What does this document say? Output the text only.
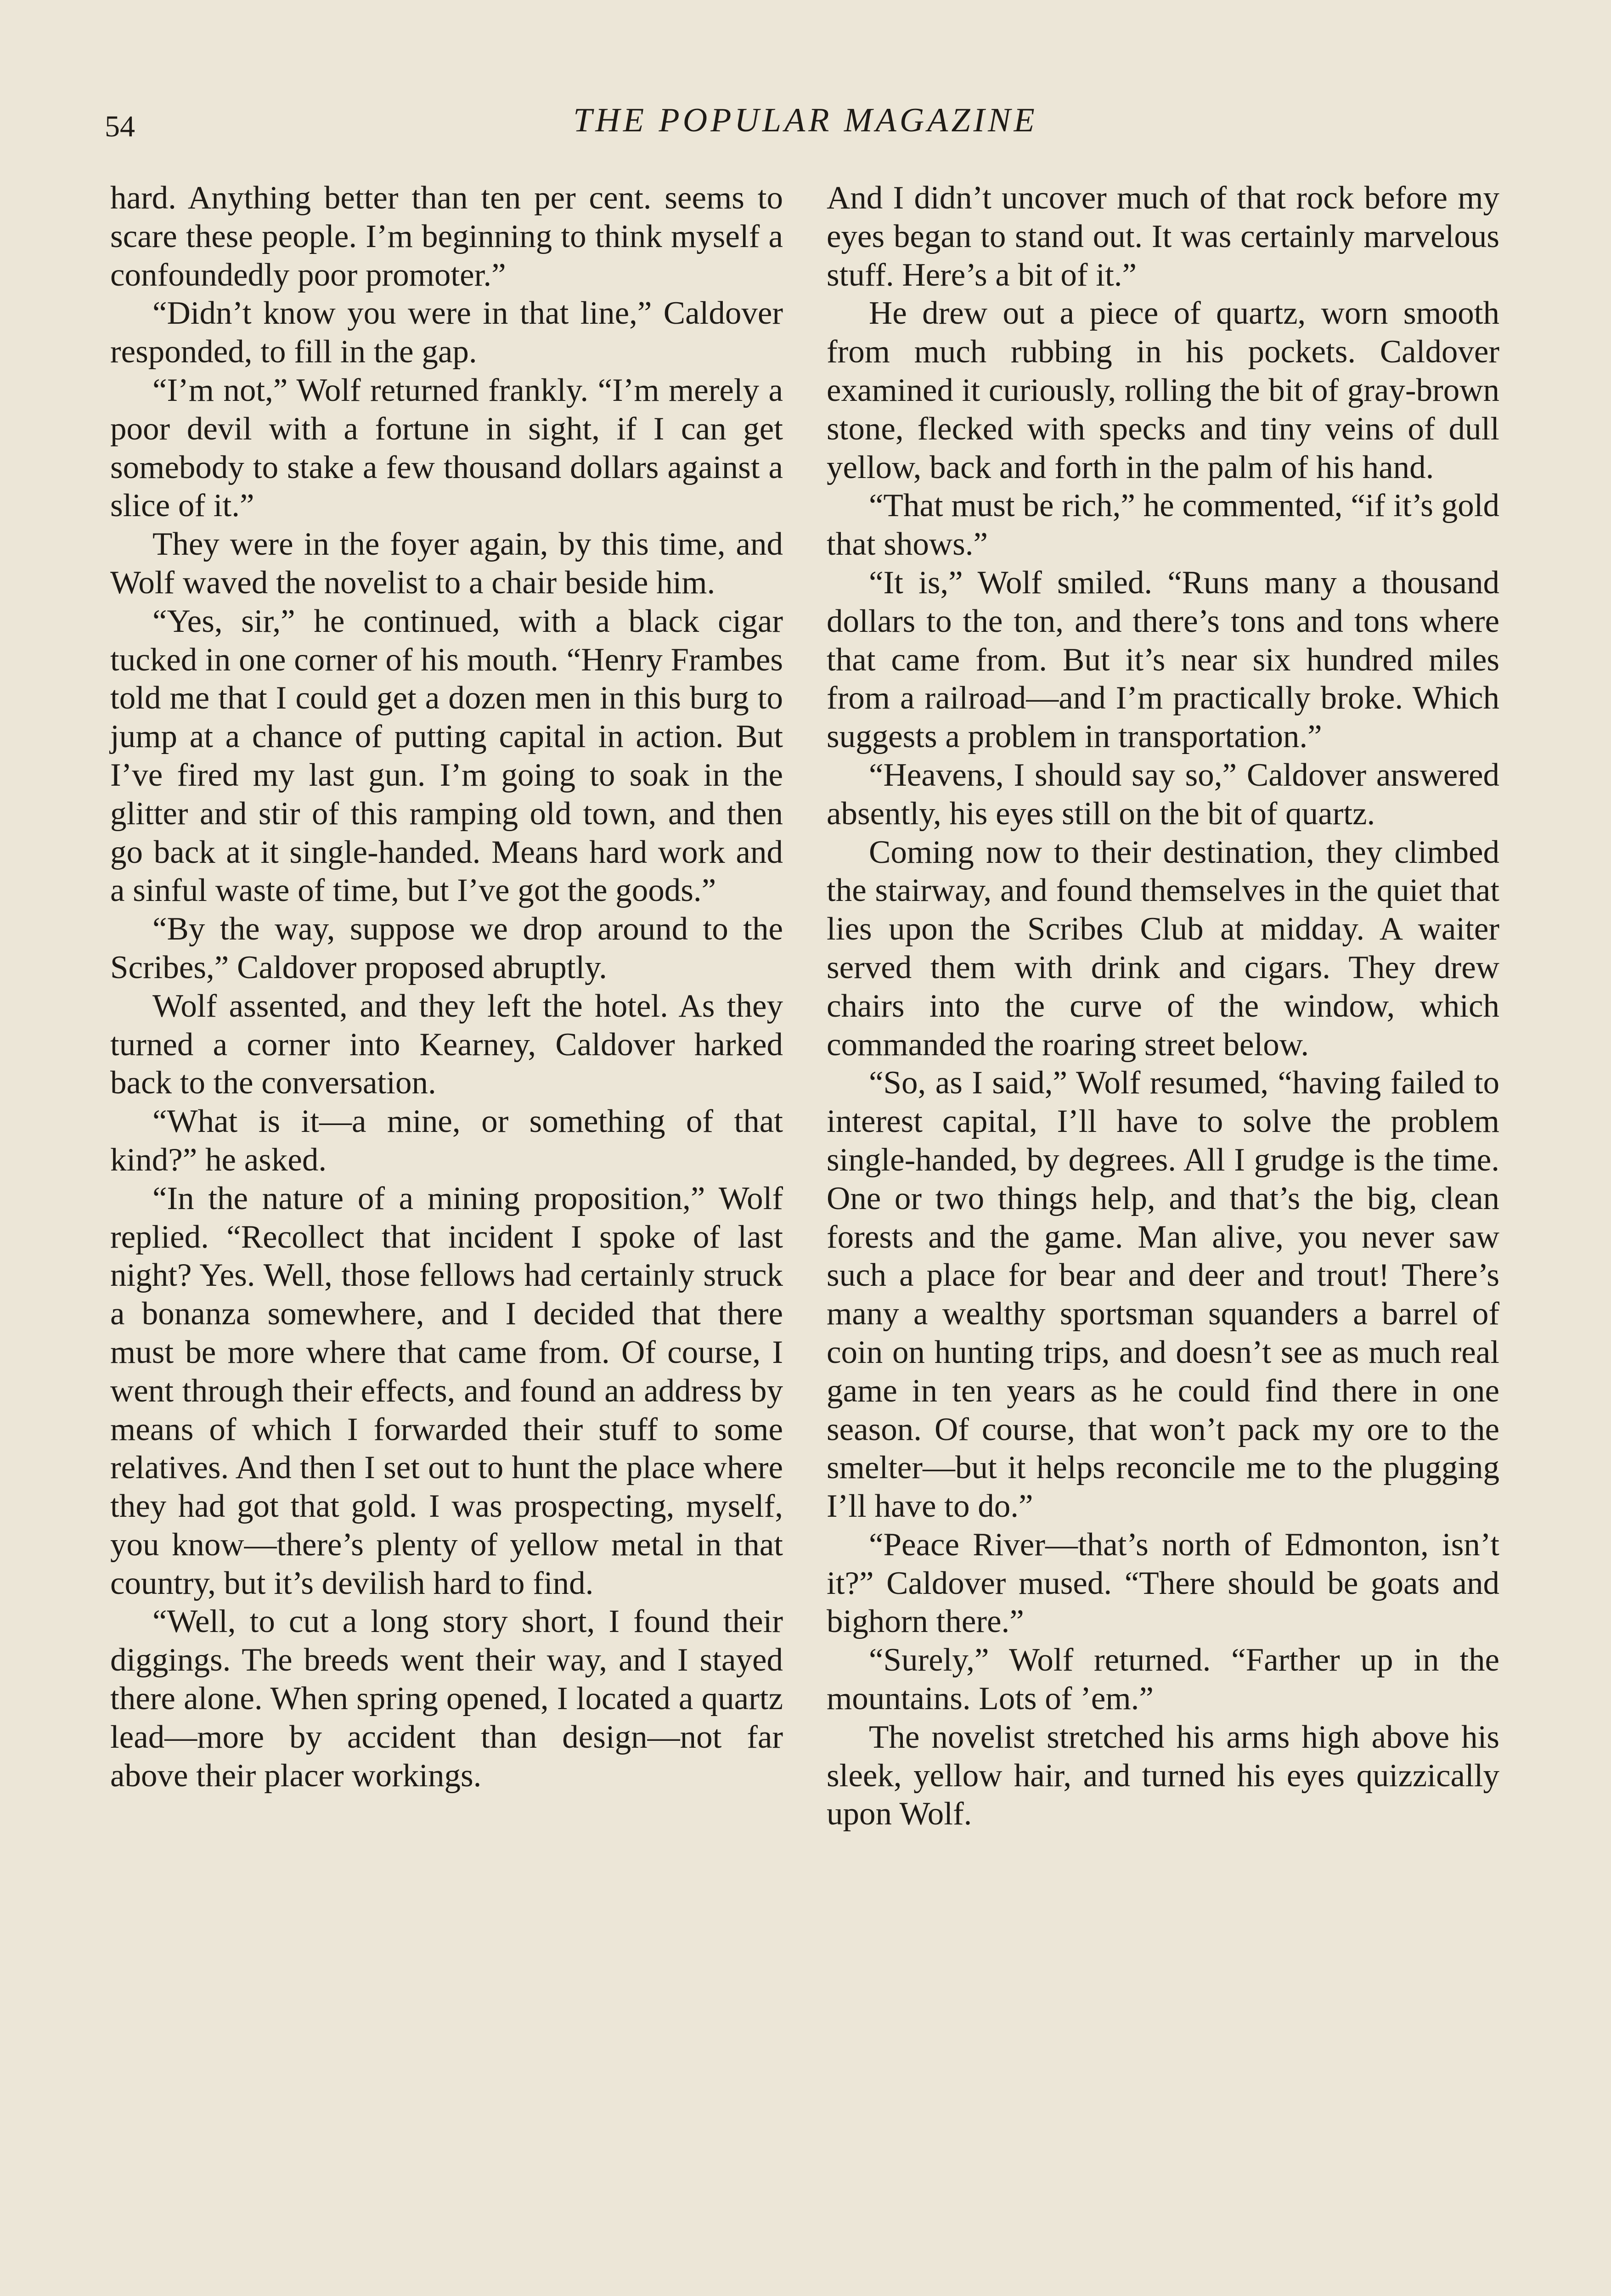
54	THE POPULAR MAGAZINE

hard. Anything better than ten per cent. seems to scare these people. I’m beginning to think myself a confoundedly poor promoter.”

“Didn’t know you were in that line,” Caldover responded, to fill in the gap.

“I’m not,” Wolf returned frankly. “I’m merely a poor devil with a fortune in sight, if I can get somebody to stake a few thousand dollars against a slice of it.”

They were in the foyer again, by this time, and Wolf waved the novelist to a chair beside him.

“Yes, sir,” he continued, with a black cigar tucked in one corner of his mouth. “Henry Frambes told me that I could get a dozen men in this burg to jump at a chance of putting capital in action. But I’ve fired my last gun. I’m going to soak in the glitter and stir of this ramping old town, and then go back at it single-handed. Means hard work and a sinful waste of time, but I’ve got the goods.”

“By the way, suppose we drop around to the Scribes,” Caldover proposed abruptly.

Wolf assented, and they left the hotel. As they turned a corner into Kearney, Caldover harked back to the conversation.

“What is it—a mine, or something of that kind?” he asked.

“In the nature of a mining proposition,” Wolf replied. “Recollect that incident I spoke of last night? Yes. Well, those fellows had certainly struck a bonanza somewhere, and I decided that there must be more where that came from. Of course, I went through their effects, and found an address by means of which I forwarded their stuff to some relatives. And then I set out to hunt the place where they had got that gold. I was prospecting, myself, you know—there’s plenty of yellow metal in that country, but it’s devilish hard to find.

“Well, to cut a long story short, I found their diggings. The breeds went their way, and I stayed there alone. When spring opened, I located a quartz lead—more by accident than design—not far above their placer workings.

And I didn’t uncover much of that rock before my eyes began to stand out. It was certainly marvelous stuff. Here’s a bit of it.”

He drew out a piece of quartz, worn smooth from much rubbing in his pockets. Caldover examined it curiously, rolling the bit of gray-brown stone, flecked with specks and tiny veins of dull yellow, back and forth in the palm of his hand.

“That must be rich,” he commented, “if it’s gold that shows.”

“It is,” Wolf smiled. “Runs many a thousand dollars to the ton, and there’s tons and tons where that came from. But it’s near six hundred miles from a railroad—and I’m practically broke. Which suggests a problem in transportation.”

“Heavens, I should say so,” Caldover answered absently, his eyes still on the bit of quartz.

Coming now to their destination, they climbed the stairway, and found themselves in the quiet that lies upon the Scribes Club at midday. A waiter served them with drink and cigars. They drew chairs into the curve of the window, which commanded the roaring street below.

“So, as I said,” Wolf resumed, “having failed to interest capital, I’ll have to solve the problem single-handed, by degrees. All I grudge is the time. One or two things help, and that’s the big, clean forests and the game. Man alive, you never saw such a place for bear and deer and trout! There’s many a wealthy sportsman squanders a barrel of coin on hunting trips, and doesn’t see as much real game in ten years as he could find there in one season. Of course, that won’t pack my ore to the smelter—but it helps reconcile me to the plugging I’ll have to do.”

“Peace River—that’s north of Edmonton, isn’t it?” Caldover mused. “There should be goats and bighorn there.”

“Surely,” Wolf returned. “Farther up in the mountains. Lots of ’em.”

The novelist stretched his arms high above his sleek, yellow hair, and turned his eyes quizzically upon Wolf.
